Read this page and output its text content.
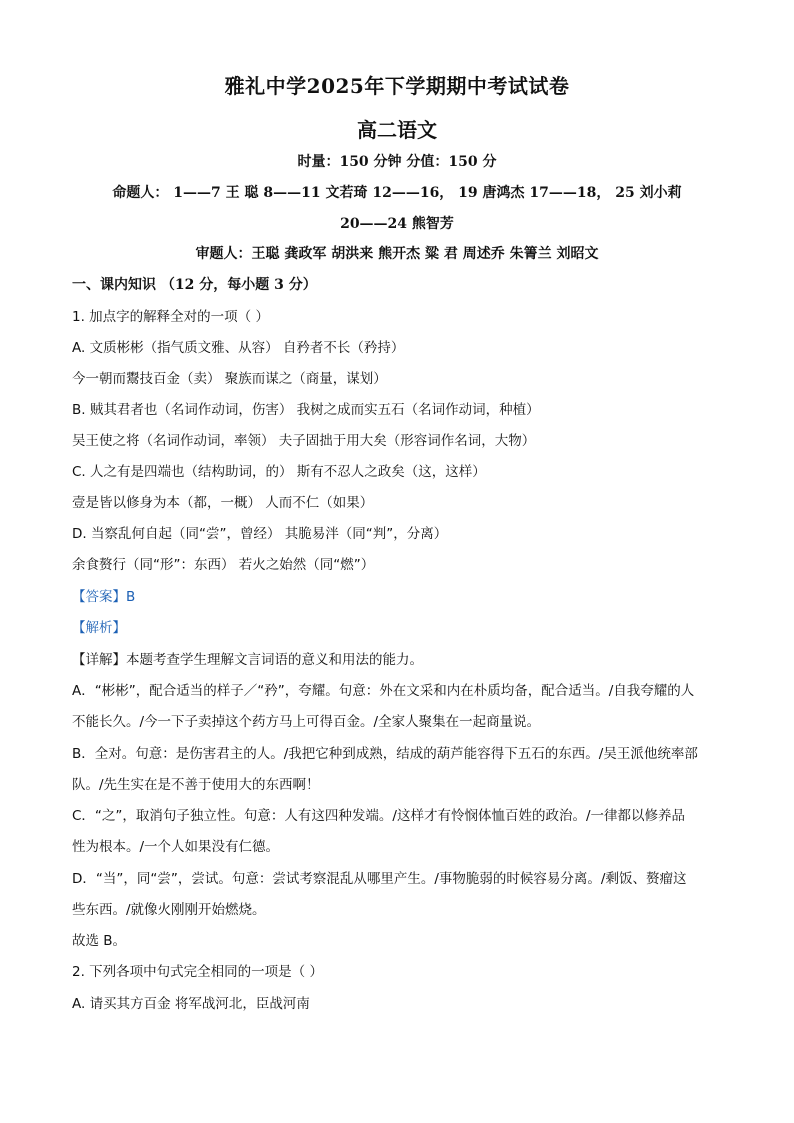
雅礼中学2025年下学期期中考试试卷
高二语文
时量：150 分钟 分值：150 分
命题人： 1——7 王 聪 8——11 文若琦 12——16， 19 唐鸿杰 17——18， 25 刘小莉
20——24 熊智芳
审题人：王聪 龚政军 胡洪来 熊开杰 粱 君 周述乔 朱箐兰 刘昭文
一、课内知识 （12 分，每小题 3 分）
1. 加点字的解释全对的一项（ ）
A. 文质彬彬（指气质文雅、从容） 自矜者不长（矜持）
今一朝而鬻技百金（卖） 聚族而谋之（商量，谋划）
B. 贼其君者也（名词作动词，伤害） 我树之成而实五石（名词作动词，种植）
吴王使之将（名词作动词，率领） 夫子固拙于用大矣（形容词作名词，大物）
C. 人之有是四端也（结构助词，的） 斯有不忍人之政矣（这，这样）
壹是皆以修身为本（都，一概） 人而不仁（如果）
D. 当察乱何自起（同“尝”，曾经） 其脆易泮（同“判”，分离）
余食赘行（同“形”：东西） 若火之始然（同“燃”）
【答案】B
【解析】
【详解】本题考查学生理解文言词语的意义和用法的能力。
A．“彬彬”，配合适当的样子／“矜”，夸耀。句意：外在文采和内在朴质均备，配合适当。/自我夸耀的人
不能长久。/今一下子卖掉这个药方马上可得百金。/全家人聚集在一起商量说。
B．全对。句意：是伤害君主的人。/我把它种到成熟，结成的葫芦能容得下五石的东西。/吴王派他统率部
队。/先生实在是不善于使用大的东西啊！
C．“之”，取消句子独立性。句意：人有这四种发端。/这样才有怜悯体恤百姓的政治。/一律都以修养品
性为根本。/一个人如果没有仁德。
D．“当”，同“尝”，尝试。句意：尝试考察混乱从哪里产生。/事物脆弱的时候容易分离。/剩饭、赘瘤这
些东西。/就像火刚刚开始燃烧。
故选 B。
2. 下列各项中句式完全相同的一项是（ ）
A. 请买其方百金 将军战河北，臣战河南
